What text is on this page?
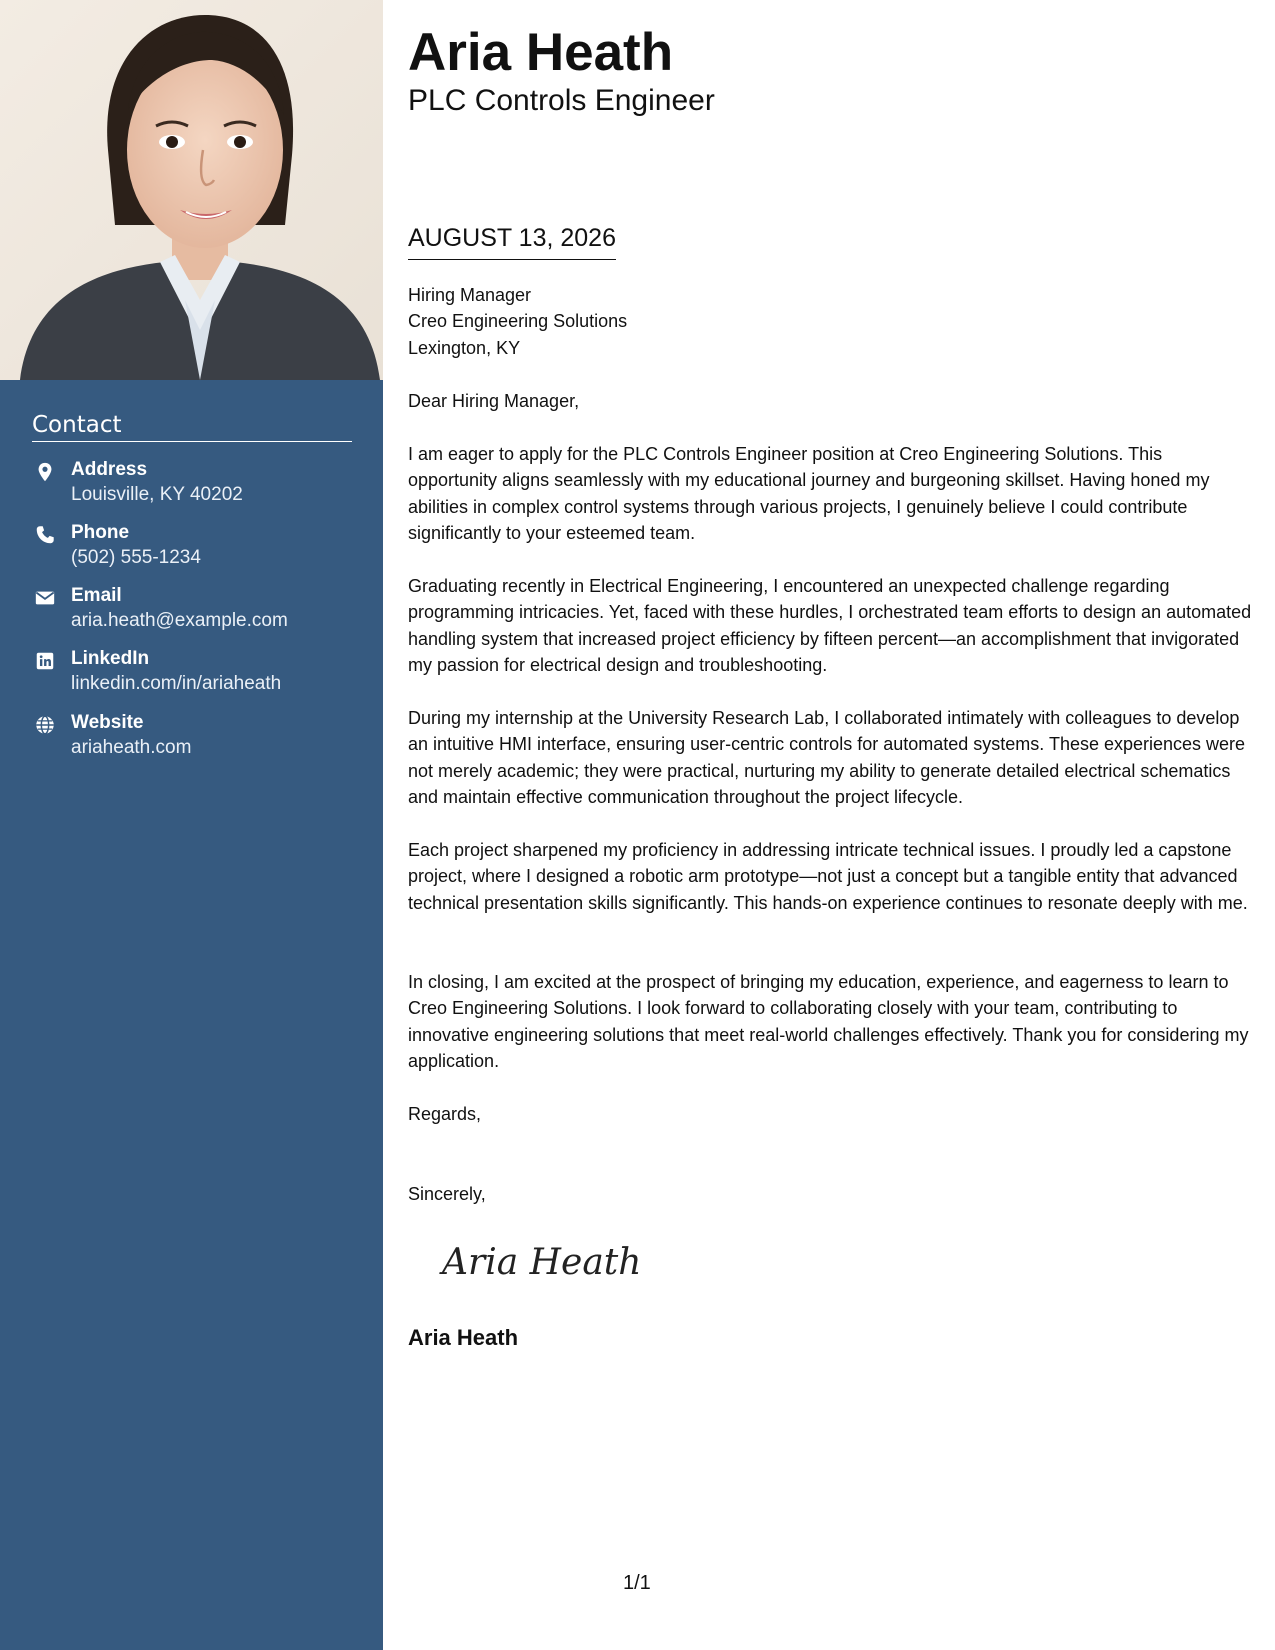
Contact
Address
Louisville, KY 40202
Phone
(502) 555-1234
Email
aria.heath@example.com
LinkedIn
linkedin.com/in/ariaheath
Website
ariaheath.com
Aria Heath
PLC Controls Engineer
AUGUST 13, 2026
Hiring Manager
Creo Engineering Solutions
Lexington, KY
Dear Hiring Manager,

I am eager to apply for the PLC Controls Engineer position at Creo Engineering Solutions. This opportunity aligns seamlessly with my educational journey and burgeoning skillset. Having honed my abilities in complex control systems through various projects, I genuinely believe I could contribute significantly to your esteemed team.

Graduating recently in Electrical Engineering, I encountered an unexpected challenge regarding programming intricacies. Yet, faced with these hurdles, I orchestrated team efforts to design an automated handling system that increased project efficiency by fifteen percent—an accomplishment that invigorated my passion for electrical design and troubleshooting.

During my internship at the University Research Lab, I collaborated intimately with colleagues to develop an intuitive HMI interface, ensuring user-centric controls for automated systems. These experiences were not merely academic; they were practical, nurturing my ability to generate detailed electrical schematics and maintain effective communication throughout the project lifecycle.

Each project sharpened my proficiency in addressing intricate technical issues. I proudly led a capstone project, where I designed a robotic arm prototype—not just a concept but a tangible entity that advanced technical presentation skills significantly. This hands-on experience continues to resonate deeply with me.

In closing, I am excited at the prospect of bringing my education, experience, and eagerness to learn to Creo Engineering Solutions. I look forward to collaborating closely with your team, contributing to innovative engineering solutions that meet real-world challenges effectively. Thank you for considering my application.

Regards,
Sincerely,
Aria Heath
Aria Heath
1/1
